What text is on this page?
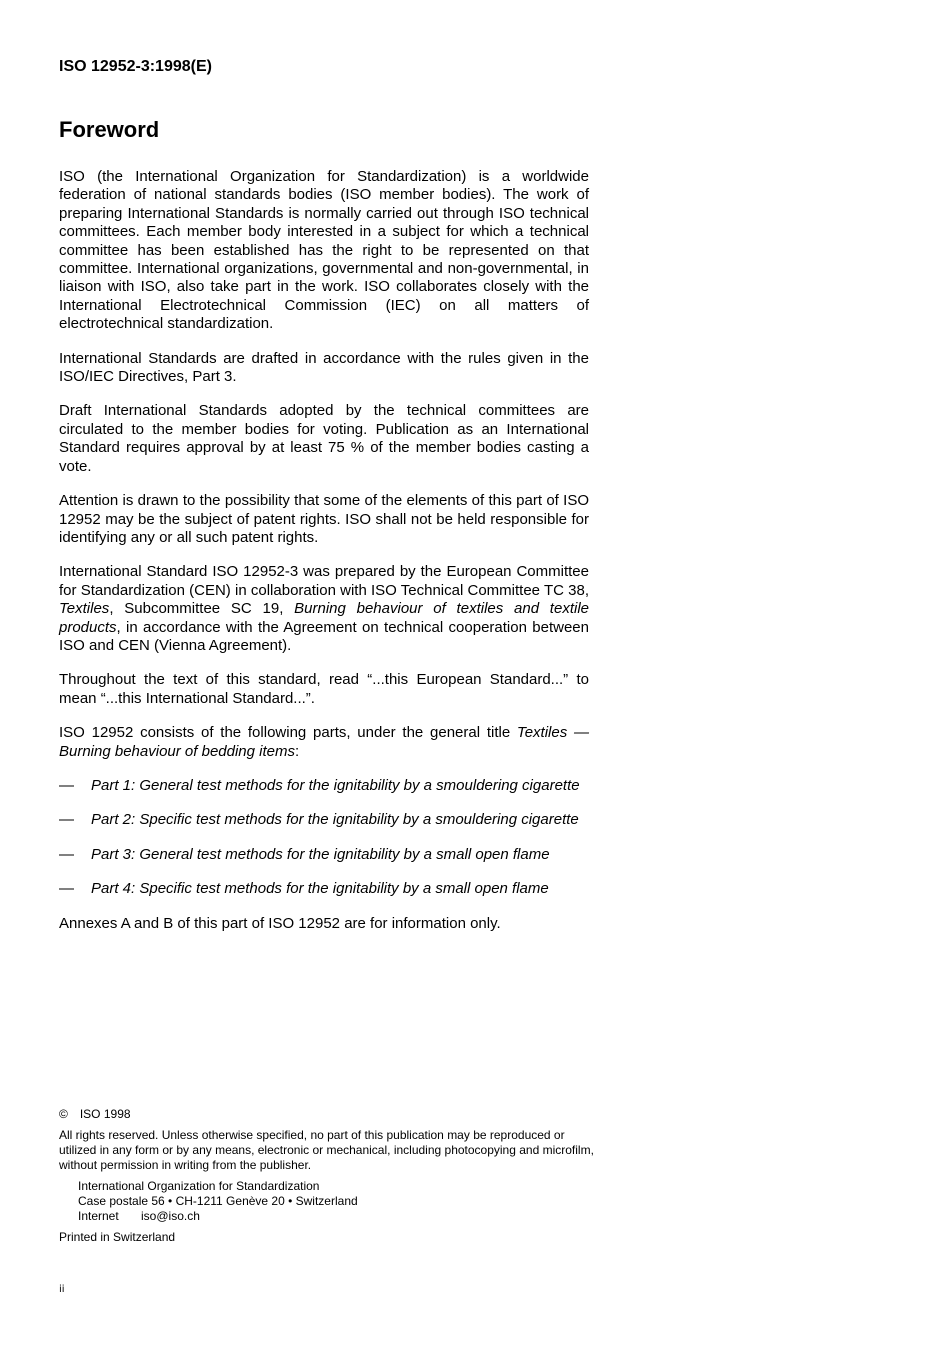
ISO 12952-3:1998(E)
Foreword

ISO (the International Organization for Standardization) is a worldwide federation of national standards bodies (ISO member bodies). The work of preparing International Standards is normally carried out through ISO technical committees. Each member body interested in a subject for which a technical committee has been established has the right to be represented on that committee. International organizations, governmental and non-governmental, in liaison with ISO, also take part in the work. ISO collaborates closely with the International Electrotechnical Commission (IEC) on all matters of electrotechnical standardization.

International Standards are drafted in accordance with the rules given in the ISO/IEC Directives, Part 3.

Draft International Standards adopted by the technical committees are circulated to the member bodies for voting. Publication as an International Standard requires approval by at least 75 % of the member bodies casting a vote.

Attention is drawn to the possibility that some of the elements of this part of ISO 12952 may be the subject of patent rights. ISO shall not be held responsible for identifying any or all such patent rights.

International Standard ISO 12952-3 was prepared by the European Committee for Standardization (CEN) in collaboration with ISO Technical Committee TC 38, Textiles, Subcommittee SC 19, Burning behaviour of textiles and textile products, in accordance with the Agreement on technical cooperation between ISO and CEN (Vienna Agreement).

Throughout the text of this standard, read “...this European Standard...” to mean “...this International Standard...”.

ISO 12952 consists of the following parts, under the general title Textiles — Burning behaviour of bedding items:

—	Part 1: General test methods for the ignitability by a smouldering cigarette
—	Part 2: Specific test methods for the ignitability by a smouldering cigarette
—	Part 3: General test methods for the ignitability by a small open flame
—	Part 4: Specific test methods for the ignitability by a small open flame

Annexes A and B of this part of ISO 12952 are for information only.

© ISO 1998
All rights reserved. Unless otherwise specified, no part of this publication may be reproduced or utilized in any form or by any means, electronic or mechanical, including photocopying and microfilm, without permission in writing from the publisher.
International Organization for Standardization
Case postale 56 • CH-1211 Genève 20 • Switzerland
Internet iso@iso.ch
Printed in Switzerland
ii
